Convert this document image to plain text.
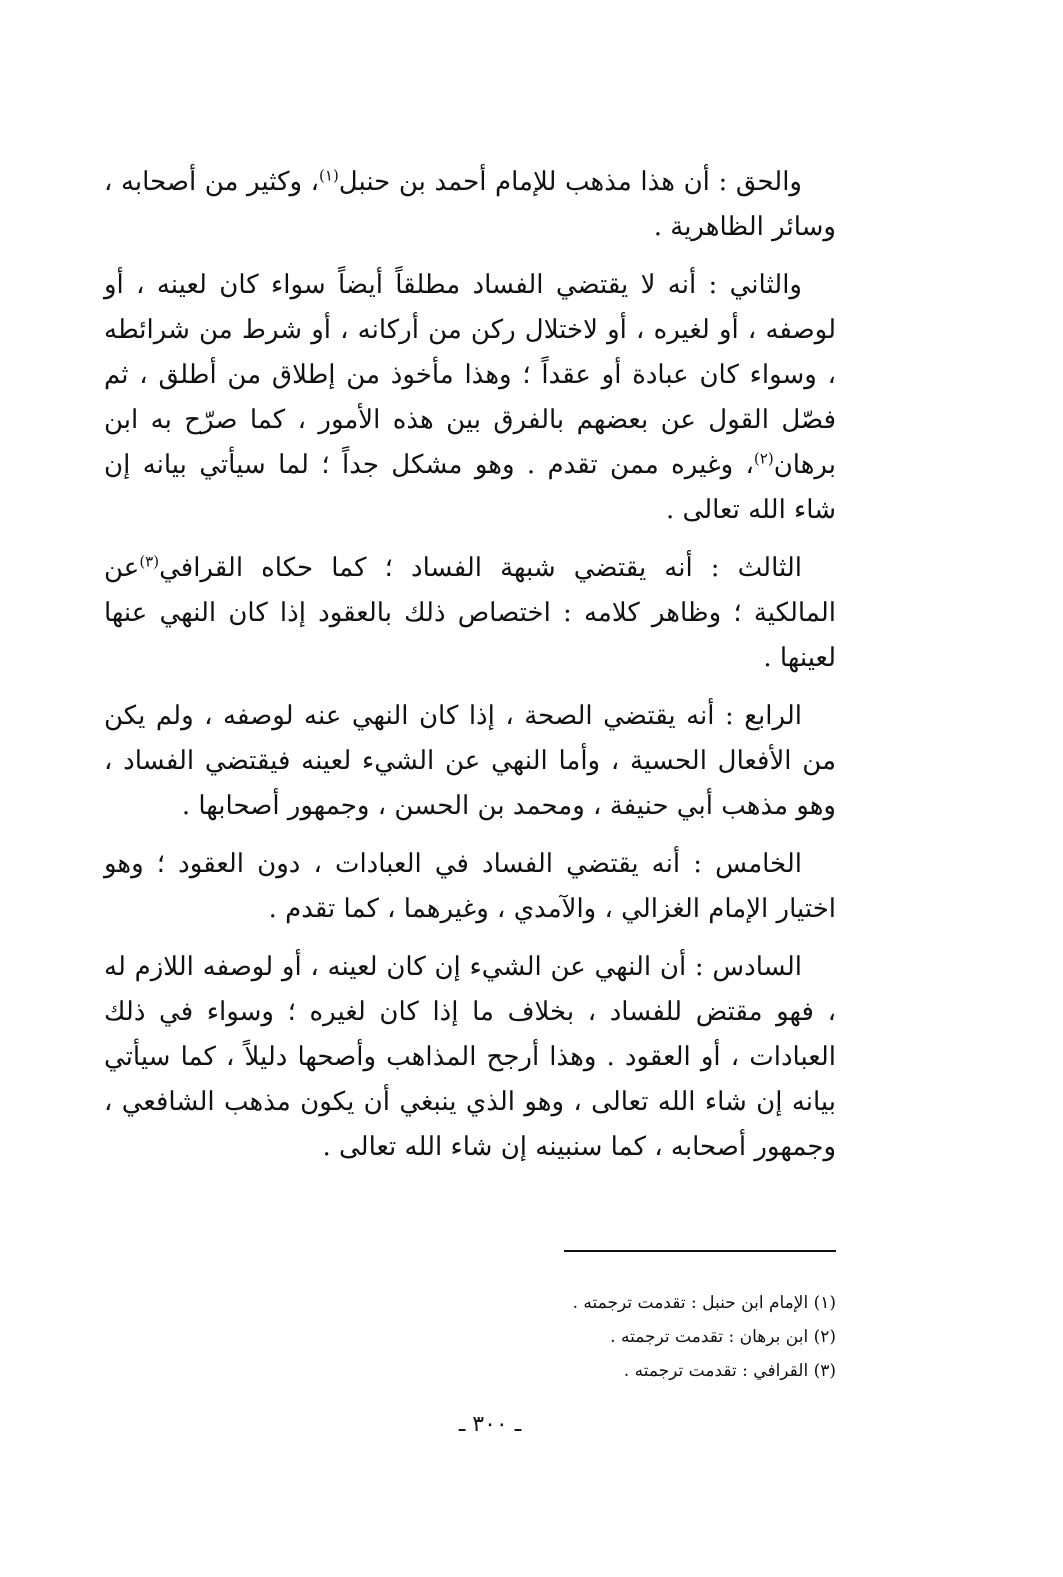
والحق : أن هذا مذهب للإمام أحمد بن حنبل$^{(١)}$، وكثير من أصحابه ، وسائر الظاهرية .

والثاني : أنه لا يقتضي الفساد مطلقاً أيضاً سواء كان لعينه ، أو لوصفه ، أو لغيره ، أو لاختلال ركن من أركانه ، أو شرط من شرائطه ، وسواء كان عبادة أو عقداً ؛ وهذا مأخوذ من إطلاق من أطلق ، ثم فصّل القول عن بعضهم بالفرق بين هذه الأمور ، كما صرّح به ابن برهان$^{(٢)}$، وغيره ممن تقدم . وهو مشكل جداً ؛ لما سيأتي بيانه إن شاء الله تعالى .

الثالث : أنه يقتضي شبهة الفساد ؛ كما حكاه القرافي$^{(٣)}$عن المالكية ؛ وظاهر كلامه : اختصاص ذلك بالعقود إذا كان النهي عنها لعينها .

الرابع : أنه يقتضي الصحة ، إذا كان النهي عنه لوصفه ، ولم يكن من الأفعال الحسية ، وأما النهي عن الشيء لعينه فيقتضي الفساد ، وهو مذهب أبي حنيفة ، ومحمد بن الحسن ، وجمهور أصحابها .

الخامس : أنه يقتضي الفساد في العبادات ، دون العقود ؛ وهو اختيار الإمام الغزالي ، والآمدي ، وغيرهما ، كما تقدم .

السادس : أن النهي عن الشيء إن كان لعينه ، أو لوصفه اللازم له ، فهو مقتض للفساد ، بخلاف ما إذا كان لغيره ؛ وسواء في ذلك العبادات ، أو العقود . وهذا أرجح المذاهب وأصحها دليلاً ، كما سيأتي بيانه إن شاء الله تعالى ، وهو الذي ينبغي أن يكون مذهب الشافعي ، وجمهور أصحابه ، كما سنبينه إن شاء الله تعالى .

(١) الإمام ابن حنبل : تقدمت ترجمته .

(٢) ابن برهان : تقدمت ترجمته .

(٣) القرافي : تقدمت ترجمته .

ـ ٣٠٠ ـ
